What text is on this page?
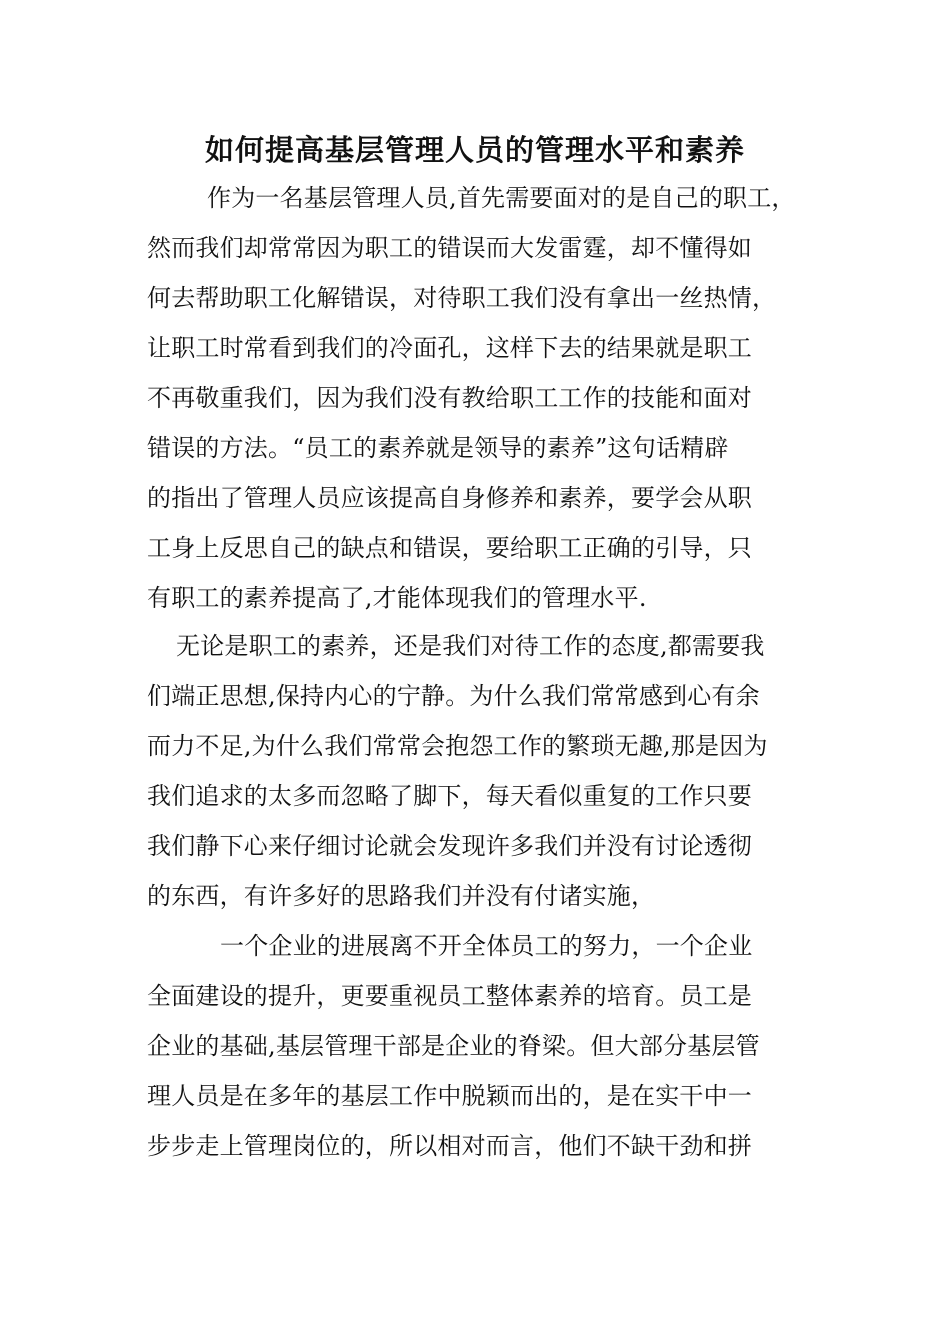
如何提高基层管理人员的管理水平和素养
作为一名基层管理人员,首先需要面对的是自己的职工，
然而我们却常常因为职工的错误而大发雷霆，却不懂得如
何去帮助职工化解错误，对待职工我们没有拿出一丝热情，
让职工时常看到我们的冷面孔，这样下去的结果就是职工
不再敬重我们，因为我们没有教给职工工作的技能和面对
错误的方法。“员工的素养就是领导的素养”这句话精辟
的指出了管理人员应该提高自身修养和素养，要学会从职
工身上反思自己的缺点和错误，要给职工正确的引导，只
有职工的素养提高了,才能体现我们的管理水平.
无论是职工的素养，还是我们对待工作的态度,都需要我
们端正思想,保持内心的宁静。为什么我们常常感到心有余
而力不足,为什么我们常常会抱怨工作的繁琐无趣,那是因为
我们追求的太多而忽略了脚下，每天看似重复的工作只要
我们静下心来仔细讨论就会发现许多我们并没有讨论透彻
的东西，有许多好的思路我们并没有付诸实施，
一个企业的进展离不开全体员工的努力，一个企业
全面建设的提升，更要重视员工整体素养的培育。员工是
企业的基础,基层管理干部是企业的脊梁。但大部分基层管
理人员是在多年的基层工作中脱颖而出的，是在实干中一
步步走上管理岗位的，所以相对而言，他们不缺干劲和拼
